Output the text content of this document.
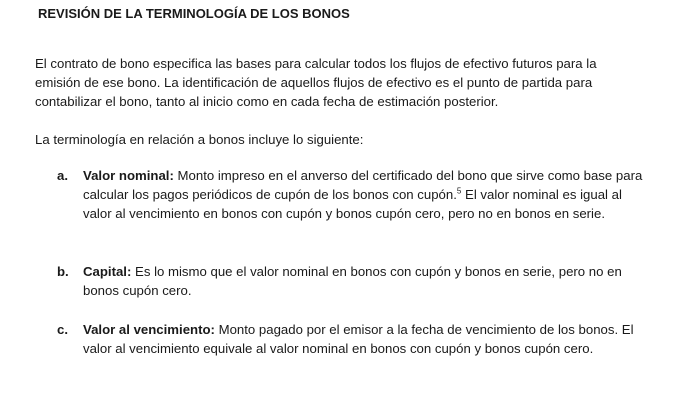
REVISIÓN DE LA TERMINOLOGÍA DE LOS BONOS
El contrato de bono especifica las bases para calcular todos los flujos de efectivo futuros para la emisión de ese bono. La identificación de aquellos flujos de efectivo es el punto de partida para contabilizar el bono, tanto al inicio como en cada fecha de estimación posterior.
La terminología en relación a bonos incluye lo siguiente:
a. Valor nominal: Monto impreso en el anverso del certificado del bono que sirve como base para calcular los pagos periódicos de cupón de los bonos con cupón.$^5$ El valor nominal es igual al valor al vencimiento en bonos con cupón y bonos cupón cero, pero no en bonos en serie.
b. Capital: Es lo mismo que el valor nominal en bonos con cupón y bonos en serie, pero no en bonos cupón cero.
c. Valor al vencimiento: Monto pagado por el emisor a la fecha de vencimiento de los bonos. El valor al vencimiento equivale al valor nominal en bonos con cupón y bonos cupón cero.
